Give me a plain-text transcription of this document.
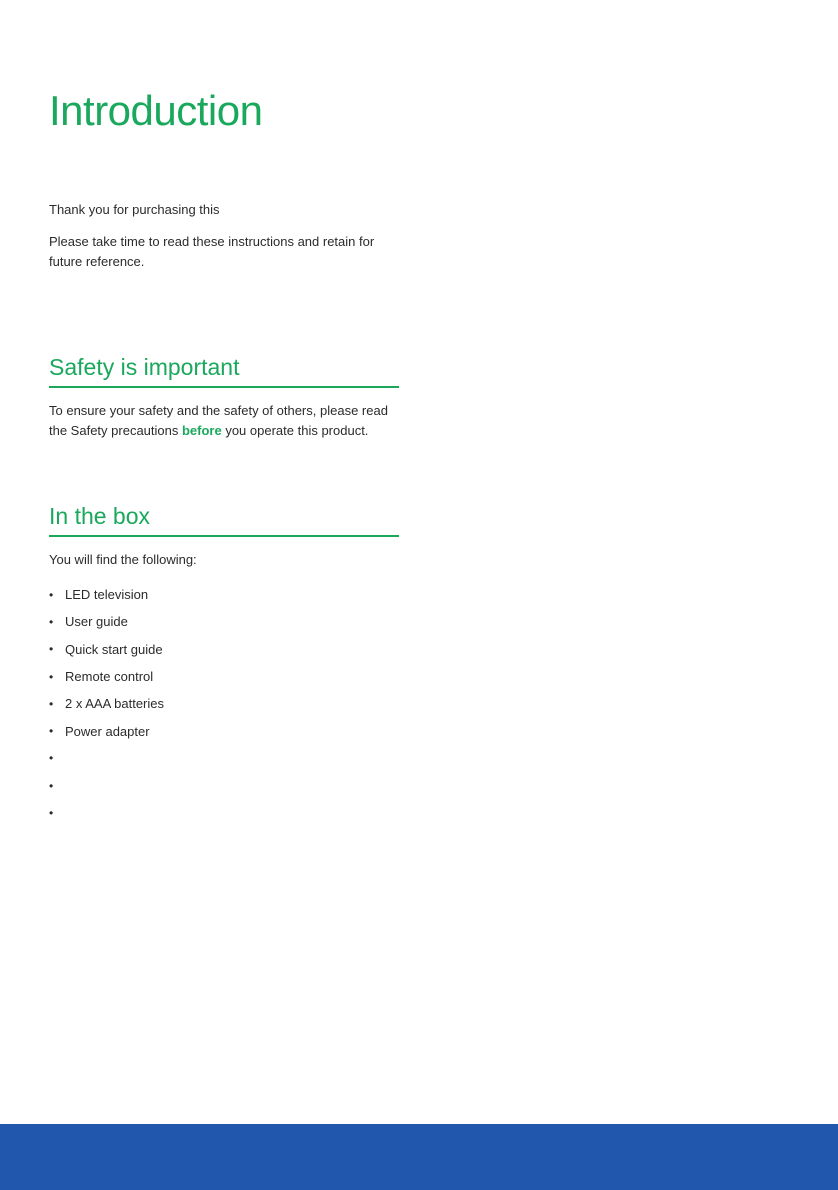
Introduction

Thank you for purchasing this

Please take time to read these instructions and retain for future reference.

Safety is important
To ensure your safety and the safety of others, please read the Safety precautions before you operate this product.
In the box
You will find the following:
• LED television
• User guide
• Quick start guide
• Remote control
• 2 x AAA batteries
• Power adapter
•
•
•
